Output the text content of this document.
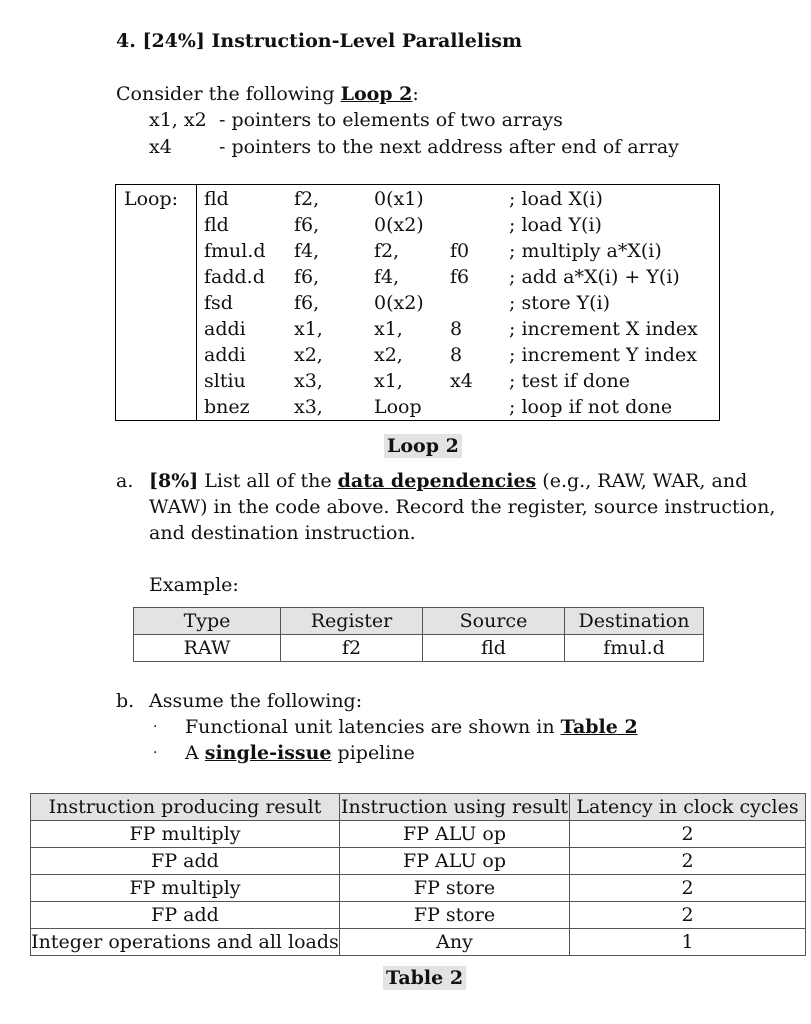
4. [24%] Instruction-Level Parallelism
Consider the following Loop 2:
x1, x2 - pointers to elements of two arrays
x4 - pointers to the next address after end of array
Loop: fld	f2,	0(x1)	; load X(i)
fld	f6,	0(x2)	; load Y(i)
fmul.d f4,	f2,	f0 ; multiply a*X(i)
fadd.d f6,	f4,	f6 ; add a*X(i) + Y(i)
fsd	f6,	0(x2)	; store Y(i)
addi	x1,	x1, 8 ; increment X index
addi	x2,	x2, 8 ; increment Y index
sltiu	x3,	x1, x4 ; test if done
bnez x3,	Loop	; loop if not done
Loop 2
a. [8%] List all of the data dependencies (e.g., RAW, WAR, and
WAW) in the code above. Record the register, source instruction,
and destination instruction.
Example:
Type	Register	Source	Destination
RAW	f2	fld	fmul.d
b. Assume the following:
· Functional unit latencies are shown in Table 2
· A single-issue pipeline
Instruction producing result	Instruction using result	Latency in clock cycles
FP multiply	FP ALU op	2
FP add	FP ALU op	2
FP multiply	FP store	2
FP add	FP store	2
Integer operations and all loads	Any	1
Table 2
